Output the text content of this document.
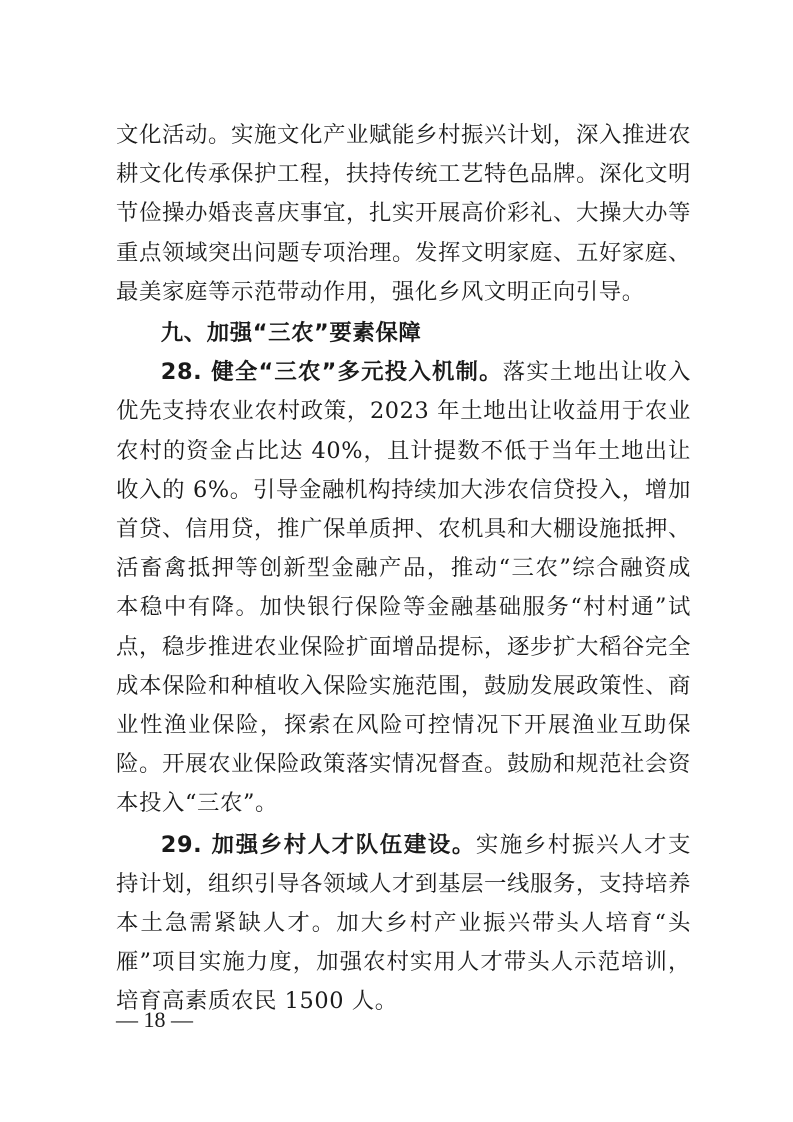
文化活动。实施文化产业赋能乡村振兴计划，深入推进农耕文化传承保护工程，扶持传统工艺特色品牌。深化文明节俭操办婚丧喜庆事宜，扎实开展高价彩礼、大操大办等重点领域突出问题专项治理。发挥文明家庭、五好家庭、最美家庭等示范带动作用，强化乡风文明正向引导。

九、加强“三农”要素保障

28. 健全“三农”多元投入机制。落实土地出让收入优先支持农业农村政策，2023 年土地出让收益用于农业农村的资金占比达 40%，且计提数不低于当年土地出让收入的 6%。引导金融机构持续加大涉农信贷投入，增加首贷、信用贷，推广保单质押、农机具和大棚设施抵押、活畜禽抵押等创新型金融产品，推动“三农”综合融资成本稳中有降。加快银行保险等金融基础服务“村村通”试点，稳步推进农业保险扩面增品提标，逐步扩大稻谷完全成本保险和种植收入保险实施范围，鼓励发展政策性、商业性渔业保险，探索在风险可控情况下开展渔业互助保险。开展农业保险政策落实情况督查。鼓励和规范社会资本投入“三农”。

29. 加强乡村人才队伍建设。实施乡村振兴人才支持计划，组织引导各领域人才到基层一线服务，支持培养本土急需紧缺人才。加大乡村产业振兴带头人培育“头雁”项目实施力度，加强农村实用人才带头人示范培训，培育高素质农民 1500 人。

— 18 —
